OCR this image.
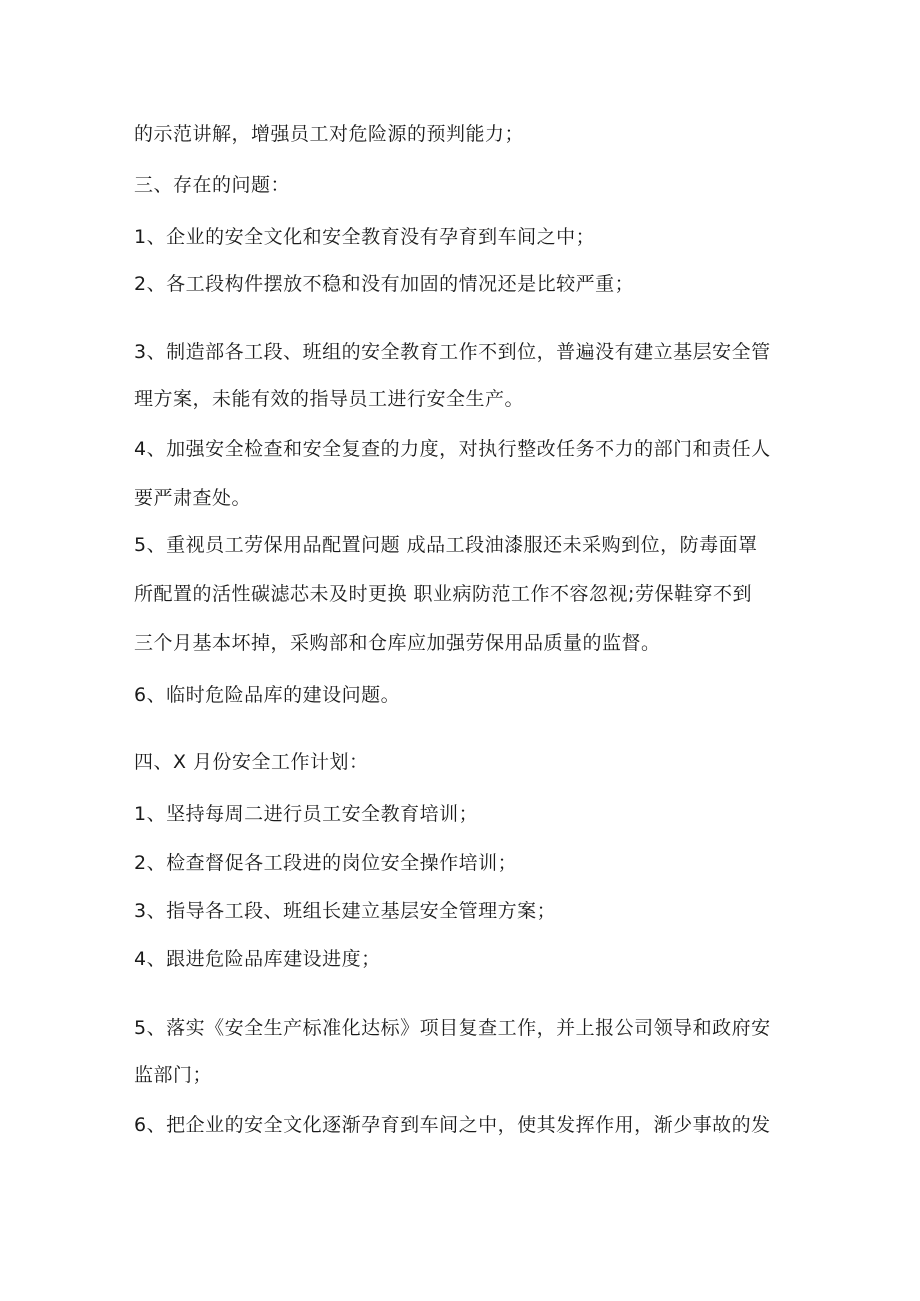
的示范讲解，增强员工对危险源的预判能力；
三、存在的问题：
1、企业的安全文化和安全教育没有孕育到车间之中；
2、各工段构件摆放不稳和没有加固的情况还是比较严重；
3、制造部各工段、班组的安全教育工作不到位，普遍没有建立基层安全管
理方案，未能有效的指导员工进行安全生产。
4、加强安全检查和安全复查的力度，对执行整改任务不力的部门和责任人
要严肃查处。
5、重视员工劳保用品配置问题 成品工段油漆服还未采购到位，防毒面罩
所配置的活性碳滤芯未及时更换 职业病防范工作不容忽视;劳保鞋穿不到
三个月基本坏掉，采购部和仓库应加强劳保用品质量的监督。
6、临时危险品库的建设问题。
四、X 月份安全工作计划：
1、坚持每周二进行员工安全教育培训；
2、检查督促各工段进的岗位安全操作培训；
3、指导各工段、班组长建立基层安全管理方案；
4、跟进危险品库建设进度；
5、落实《安全生产标准化达标》项目复查工作，并上报公司领导和政府安
监部门；
6、把企业的安全文化逐渐孕育到车间之中，使其发挥作用，渐少事故的发
